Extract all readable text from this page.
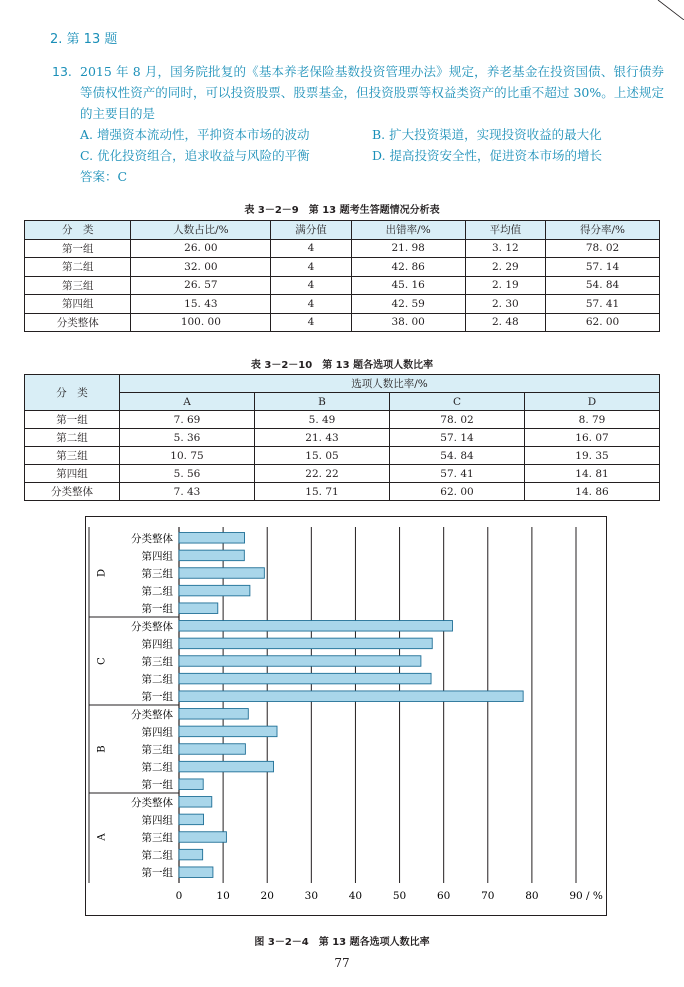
2. 第 13 题
13. 2015 年 8 月，国务院批复的《基本养老保险基数投资管理办法》规定，养老基金在投资国债、银行债券等债权性资产的同时，可以投资股票、股票基金，但投资股票等权益类资产的比重不超过 30%。上述规定的主要目的是
A. 增强资本流动性，平抑资本市场的波动	B. 扩大投资渠道，实现投资收益的最大化
C. 优化投资组合，追求收益与风险的平衡	D. 提高投资安全性，促进资本市场的增长
答案：C
表 3－2－9　第 13 题考生答题情况分析表
分　类	人数占比/%	满分值	出错率/%	平均值	得分率/%
第一组	26. 00	4	21. 98	3. 12	78. 02
第二组	32. 00	4	42. 86	2. 29	57. 14
第三组	26. 57	4	45. 16	2. 19	54. 84
第四组	15. 43	4	42. 59	2. 30	57. 41
分类整体	100. 00	4	38. 00	2. 48	62. 00
表 3－2－10　第 13 题各选项人数比率
分　类	选项人数比率/%			
	A	B	C	D
第一组	7. 69	5. 49	78. 02	8. 79
第二组	5. 36	21. 43	57. 14	16. 07
第三组	10. 75	15. 05	54. 84	19. 35
第四组	5. 56	22. 22	57. 41	14. 81
分类整体	7. 43	15. 71	62. 00	14. 86
D
分类整体
第四组
第三组
第二组
第一组
C
分类整体
第四组
第三组
第二组
第一组
B
分类整体
第四组
第三组
第二组
第一组
A
分类整体
第四组
第三组
第二组
第一组
0	10	20	30	40	50	60	70	80	90 / %
图 3－2－4　第 13 题各选项人数比率
77
